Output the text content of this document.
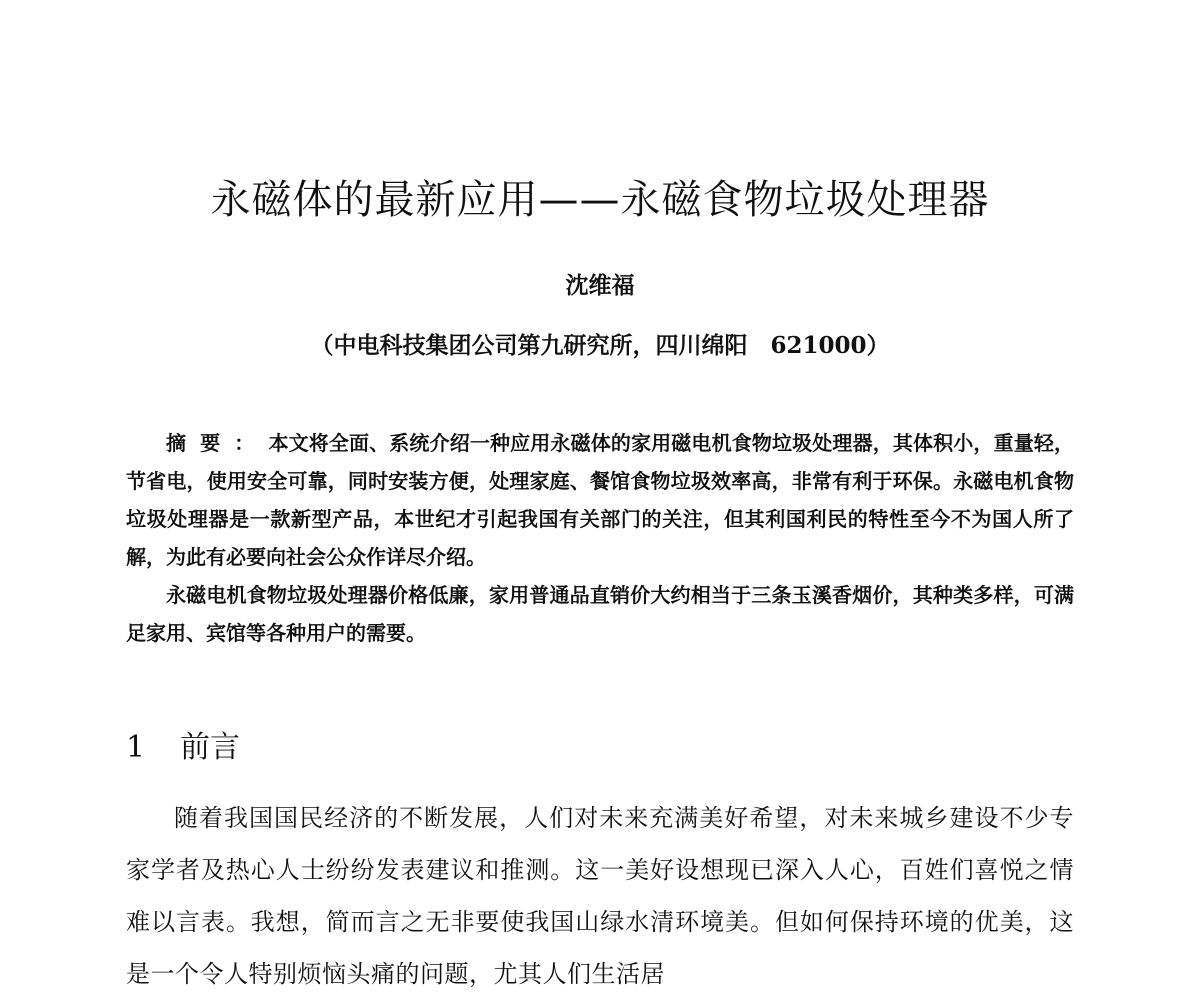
永磁体的最新应用——永磁食物垃圾处理器
沈维福
（中电科技集团公司第九研究所，四川绵阳　621000）

摘要：本文将全面、系统介绍一种应用永磁体的家用磁电机食物垃圾处理器，其体积小，重量轻，节省电，使用安全可靠，同时安装方便，处理家庭、餐馆食物垃圾效率高，非常有利于环保。永磁电机食物垃圾处理器是一款新型产品，本世纪才引起我国有关部门的关注，但其利国利民的特性至今不为国人所了解，为此有必要向社会公众作详尽介绍。

永磁电机食物垃圾处理器价格低廉，家用普通品直销价大约相当于三条玉溪香烟价，其种类多样，可满足家用、宾馆等各种用户的需要。

1 前言

随着我国国民经济的不断发展，人们对未来充满美好希望，对未来城乡建设不少专家学者及热心人士纷纷发表建议和推测。这一美好设想现已深入人心，百姓们喜悦之情难以言表。我想，简而言之无非要使我国山绿水清环境美。但如何保持环境的优美，这是一个令人特别烦恼头痛的问题，尤其人们生活居
